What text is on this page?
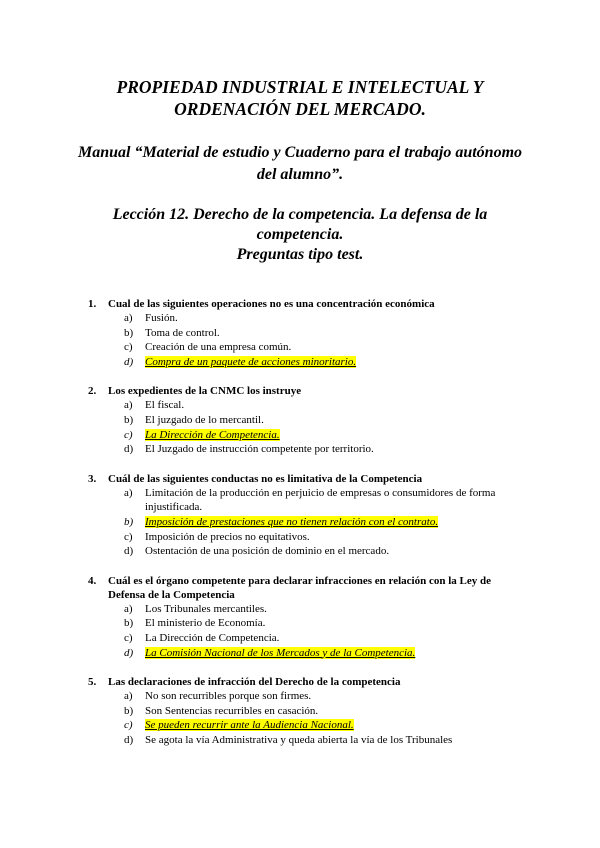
PROPIEDAD INDUSTRIAL E INTELECTUAL Y
ORDENACIÓN DEL MERCADO.
Manual “Material de estudio y Cuaderno para el trabajo autónomo
del alumno”.
Lección 12. Derecho de la competencia. La defensa de la
competencia.
Preguntas tipo test.
1.	Cual de las siguientes operaciones no es una concentración económica
a)	Fusión.
b)	Toma de control.
c)	Creación de una empresa común.
d)	Compra de un paquete de acciones minoritario.
2.	Los expedientes de la CNMC los instruye
a)	El fiscal.
b)	El juzgado de lo mercantil.
c)	La Dirección de Competencia.
d)	El Juzgado de instrucción competente por territorio.
3.	Cuál de las siguientes conductas no es limitativa de la Competencia
a)	Limitación de la producción en perjuicio de empresas o consumidores de forma injustificada.
b)	Imposición de prestaciones que no tienen relación con el contrato.
c)	Imposición de precios no equitativos.
d)	Ostentación de una posición de dominio en el mercado.
4.	Cuál es el órgano competente para declarar infracciones en relación con la Ley de Defensa de la Competencia
a)	Los Tribunales mercantiles.
b)	El ministerio de Economía.
c)	La Dirección de Competencia.
d)	La Comisión Nacional de los Mercados y de la Competencia.
5.	Las declaraciones de infracción del Derecho de la competencia
a)	No son recurribles porque son firmes.
b)	Son Sentencias recurribles en casación.
c)	Se pueden recurrir ante la Audiencia Nacional.
d)	Se agota la vía Administrativa y queda abierta la vía de los Tribunales
